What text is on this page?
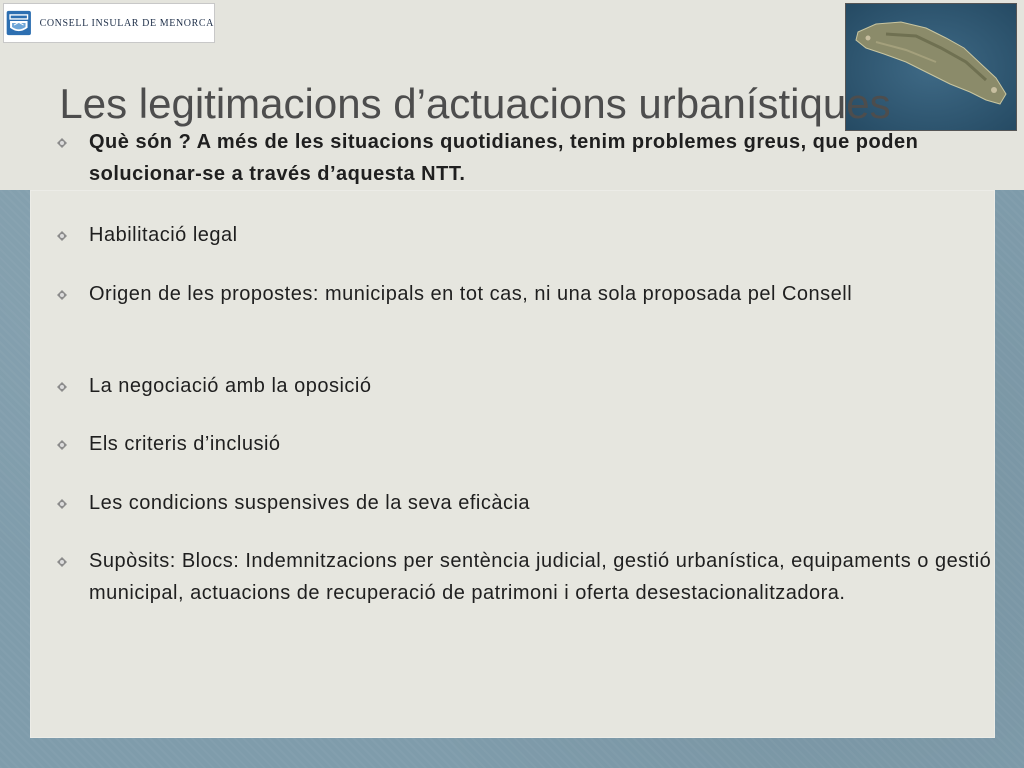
CONSELL INSULAR DE MENORCA
Les legitimacions d’actuacions urbanístiques
Què són ? A més de les situacions quotidianes, tenim problemes greus, que poden solucionar-se a través d’aquesta NTT.
Habilitació legal
Origen de les propostes: municipals en tot cas, ni una sola proposada pel Consell
La negociació amb la oposició
Els criteris d’inclusió
Les condicions suspensives de la seva eficàcia
Supòsits: Blocs: Indemnitzacions per sentència judicial, gestió urbanística, equipaments o gestió municipal, actuacions de recuperació de patrimoni i oferta desestacionalitzadora.
